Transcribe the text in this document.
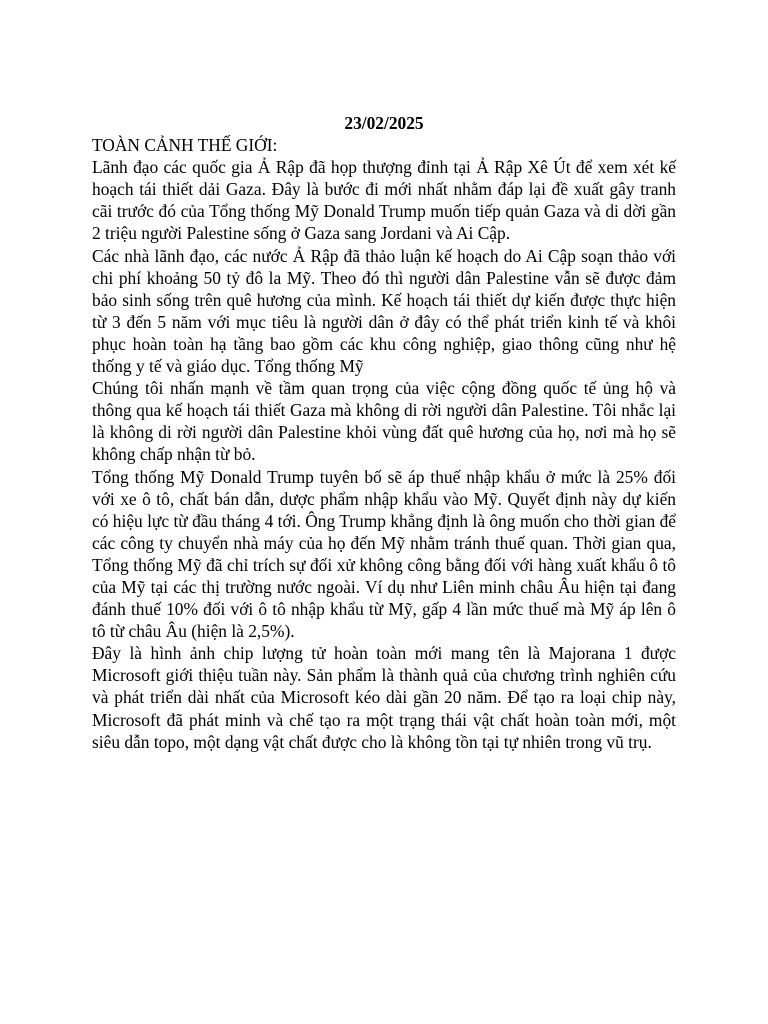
23/02/2025

TOÀN CẢNH THẾ GIỚI:

Lãnh đạo các quốc gia Ả Rập đã họp thượng đỉnh tại Ả Rập Xê Út để xem xét kế hoạch tái thiết dải Gaza. Đây là bước đi mới nhất nhằm đáp lại đề xuất gây tranh cãi trước đó của Tổng thống Mỹ Donald Trump muốn tiếp quản Gaza và di dời gần 2 triệu người Palestine sống ở Gaza sang Jordani và Ai Cập.

Các nhà lãnh đạo, các nước Ả Rập đã thảo luận kế hoạch do Ai Cập soạn thảo với chi phí khoảng 50 tỷ đô la Mỹ. Theo đó thì người dân Palestine vẫn sẽ được đảm bảo sinh sống trên quê hương của mình. Kế hoạch tái thiết dự kiến được thực hiện từ 3 đến 5 năm với mục tiêu là người dân ở đây có thể phát triển kinh tế và khôi phục hoàn toàn hạ tầng bao gồm các khu công nghiệp, giao thông cũng như hệ thống y tế và giáo dục. Tổng thống Mỹ

Chúng tôi nhấn mạnh về tầm quan trọng của việc cộng đồng quốc tế ủng hộ và thông qua kế hoạch tái thiết Gaza mà không di rời người dân Palestine. Tôi nhắc lại là không di rời người dân Palestine khỏi vùng đất quê hương của họ, nơi mà họ sẽ không chấp nhận từ bỏ.

Tổng thống Mỹ Donald Trump tuyên bố sẽ áp thuế nhập khẩu ở mức là 25% đối với xe ô tô, chất bán dẫn, dược phẩm nhập khẩu vào Mỹ. Quyết định này dự kiến có hiệu lực từ đầu tháng 4 tới. Ông Trump khẳng định là ông muốn cho thời gian để các công ty chuyển nhà máy của họ đến Mỹ nhằm tránh thuế quan. Thời gian qua, Tổng thống Mỹ đã chỉ trích sự đối xử không công bằng đối với hàng xuất khẩu ô tô của Mỹ tại các thị trường nước ngoài. Ví dụ như Liên minh châu Âu hiện tại đang đánh thuế 10% đối với ô tô nhập khẩu từ Mỹ, gấp 4 lần mức thuế mà Mỹ áp lên ô tô từ châu Âu (hiện là 2,5%).

Đây là hình ảnh chip lượng tử hoàn toàn mới mang tên là Majorana 1 được Microsoft giới thiệu tuần này. Sản phẩm là thành quả của chương trình nghiên cứu và phát triển dài nhất của Microsoft kéo dài gần 20 năm. Để tạo ra loại chip này, Microsoft đã phát minh và chế tạo ra một trạng thái vật chất hoàn toàn mới, một siêu dẫn topo, một dạng vật chất được cho là không tồn tại tự nhiên trong vũ trụ.
